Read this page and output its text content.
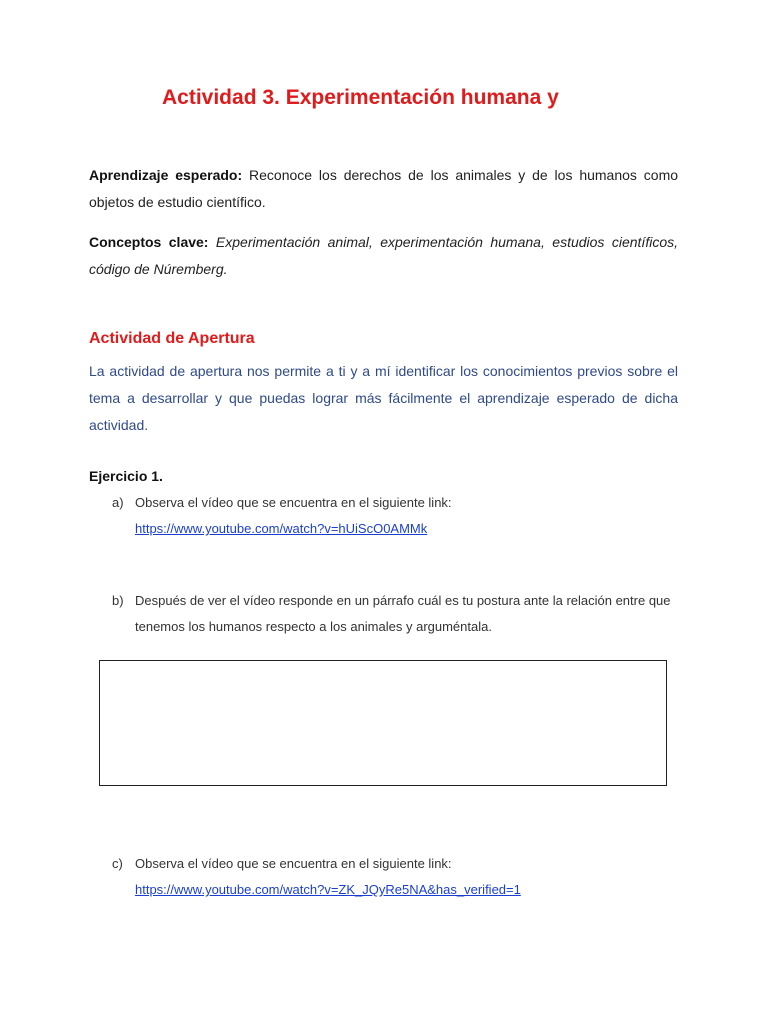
Actividad 3. Experimentación humana y

Aprendizaje esperado: Reconoce los derechos de los animales y de los humanos como objetos de estudio científico.

Conceptos clave: Experimentación animal, experimentación humana, estudios científicos, código de Núremberg.

Actividad de Apertura

La actividad de apertura nos permite a ti y a mí identificar los conocimientos previos sobre el tema a desarrollar y que puedas lograr más fácilmente el aprendizaje esperado de dicha actividad.

Ejercicio 1.
a) Observa el vídeo que se encuentra en el siguiente link:
https://www.youtube.com/watch?v=hUiScO0AMMk
b) Después de ver el vídeo responde en un párrafo cuál es tu postura ante la relación entre que tenemos los humanos respecto a los animales y arguméntala.
c) Observa el vídeo que se encuentra en el siguiente link:
https://www.youtube.com/watch?v=ZK_JQyRe5NA&has_verified=1
